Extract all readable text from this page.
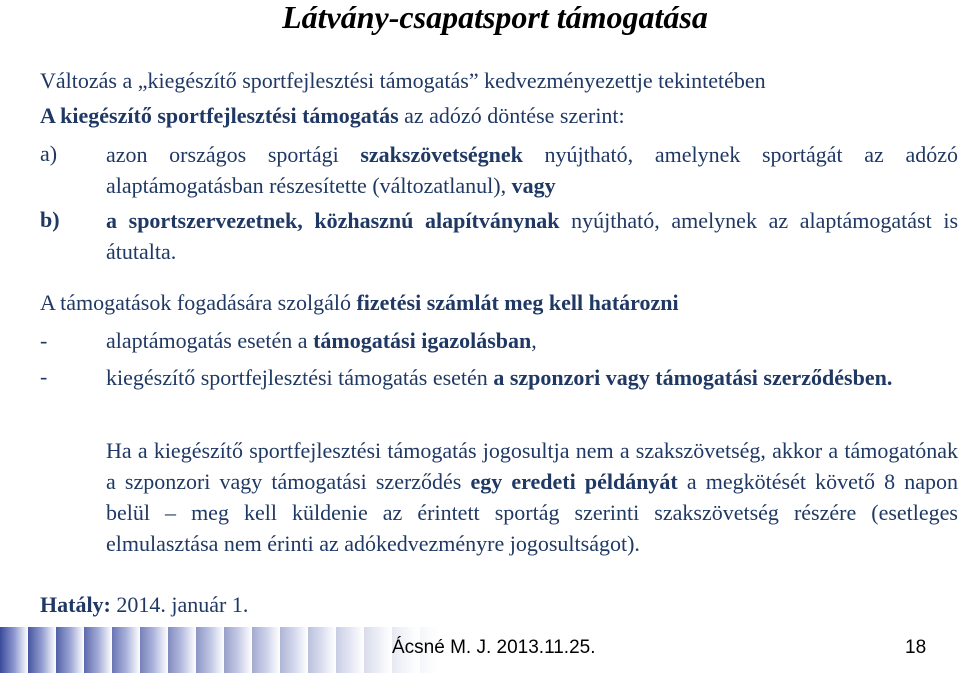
Látvány-csapatsport támogatása
Változás a „kiegészítő sportfejlesztési támogatás” kedvezményezettje tekintetében
A kiegészítő sportfejlesztési támogatás az adózó döntése szerint:
a) azon országos sportági szakszövetségnek nyújtható, amelynek sportágát az adózó alaptámogatásban részesítette (változatlanul), vagy
b) a sportszervezetnek, közhasznú alapítványnak nyújtható, amelynek az alaptámogatást is átutalta.
A támogatások fogadására szolgáló fizetési számlát meg kell határozni
-	alaptámogatás esetén a támogatási igazolásban,
-	kiegészítő sportfejlesztési támogatás esetén a szponzori vagy támogatási szerződésben.
Ha a kiegészítő sportfejlesztési támogatás jogosultja nem a szakszövetség, akkor a támogatónak a szponzori vagy támogatási szerződés egy eredeti példányát a megkötését követő 8 napon belül – meg kell küldenie az érintett sportág szerinti szakszövetség részére (esetleges elmulasztása nem érinti az adókedvezményre jogosultságot).
Hatály: 2014. január 1.
Ácsné M. J. 2013.11.25.	18
